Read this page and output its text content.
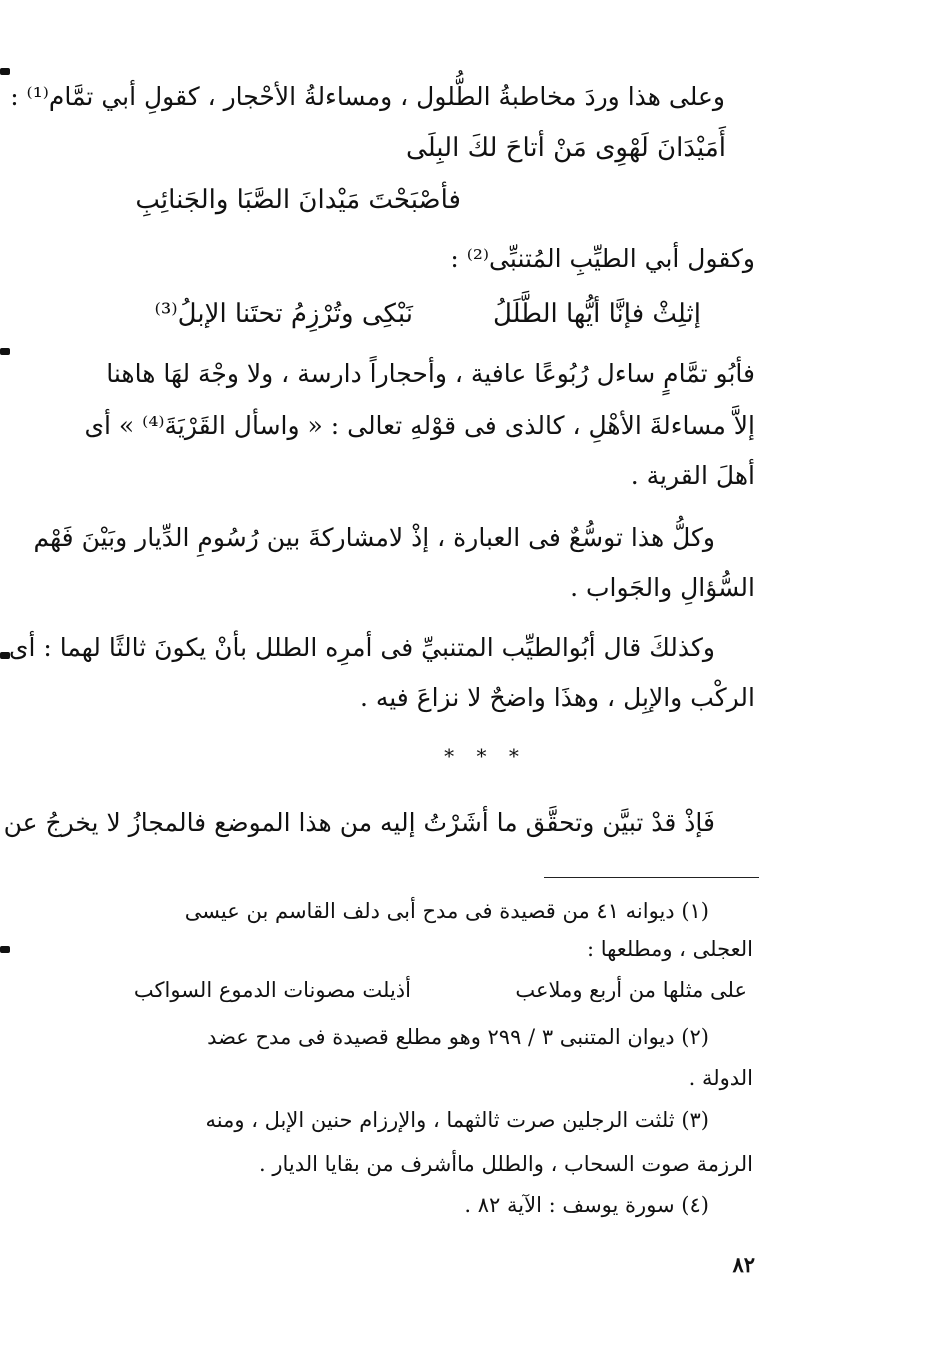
وعلى هذا وردَ مخاطبةُ الطُّلول ، ومساءلةُ الأحْجار ، كقولِ أبي تمَّام⁽¹⁾ :
أَمَيْدَانَ لَهْوِى مَنْ أتاحَ لكَ البِلَى
فأصْبَحْتَ مَيْدانَ الصَّبَا والجَنائِبِ
وكقول أبي الطيِّبِ المُتنبِّى⁽²⁾ :
إثلِثْ فإنَّا أيُّها الطَّلَلُ
نَبْكِى وتُرْزِمُ تحتَنا الإبلُ⁽³⁾
فأبُو تمَّامٍ ساءل رُبُوعًا عافية ، وأحجاراً دارسة ، ولا وجْهَ لهَا هاهنا
إلاَّ مساءلةَ الأهْلِ ، كالذى فى قوْلهِ تعالى : « واسأل القَرْيَةَ⁽⁴⁾ » أى
أهلَ القرية .
وكلُّ هذا توسُّعٌ فى العبارة ، إذْ لامشاركةَ بين رُسُومِ الدِّيار وبَيْنَ فَهْم
السُّؤالِ والجَواب .
وكذلكَ قال أبُوالطيِّب المتنبيِّ فى أمرِه الطلل بأنْ يكونَ ثالثًا لهما : أى
الركْب والإبِل ، وهذَا واضحٌ لا نزاعَ فيه .
* * *
فَإذْ قدْ تبيَّن وتحقَّق ما أشَرْتُ إليه من هذا الموضع فالمجازُ لا يخرجُ عن
(١) ديوانه ٤١ من قصيدة فى مدح أبى دلف القاسم بن عيسى
العجلى ، ومطلعها :
على مثلها من أربع وملاعب
أذيلت مصونات الدموع السواكب
(٢) ديوان المتنبى ٣ / ٢٩٩ وهو مطلع قصيدة فى مدح عضد
الدولة .
(٣) ثلثت الرجلين صرت ثالثهما ، والإرزام حنين الإبل ، ومنه
الرزمة صوت السحاب ، والطلل ماأشرف من بقايا الديار .
(٤) سورة يوسف : الآية ٨٢ .
٨٢
